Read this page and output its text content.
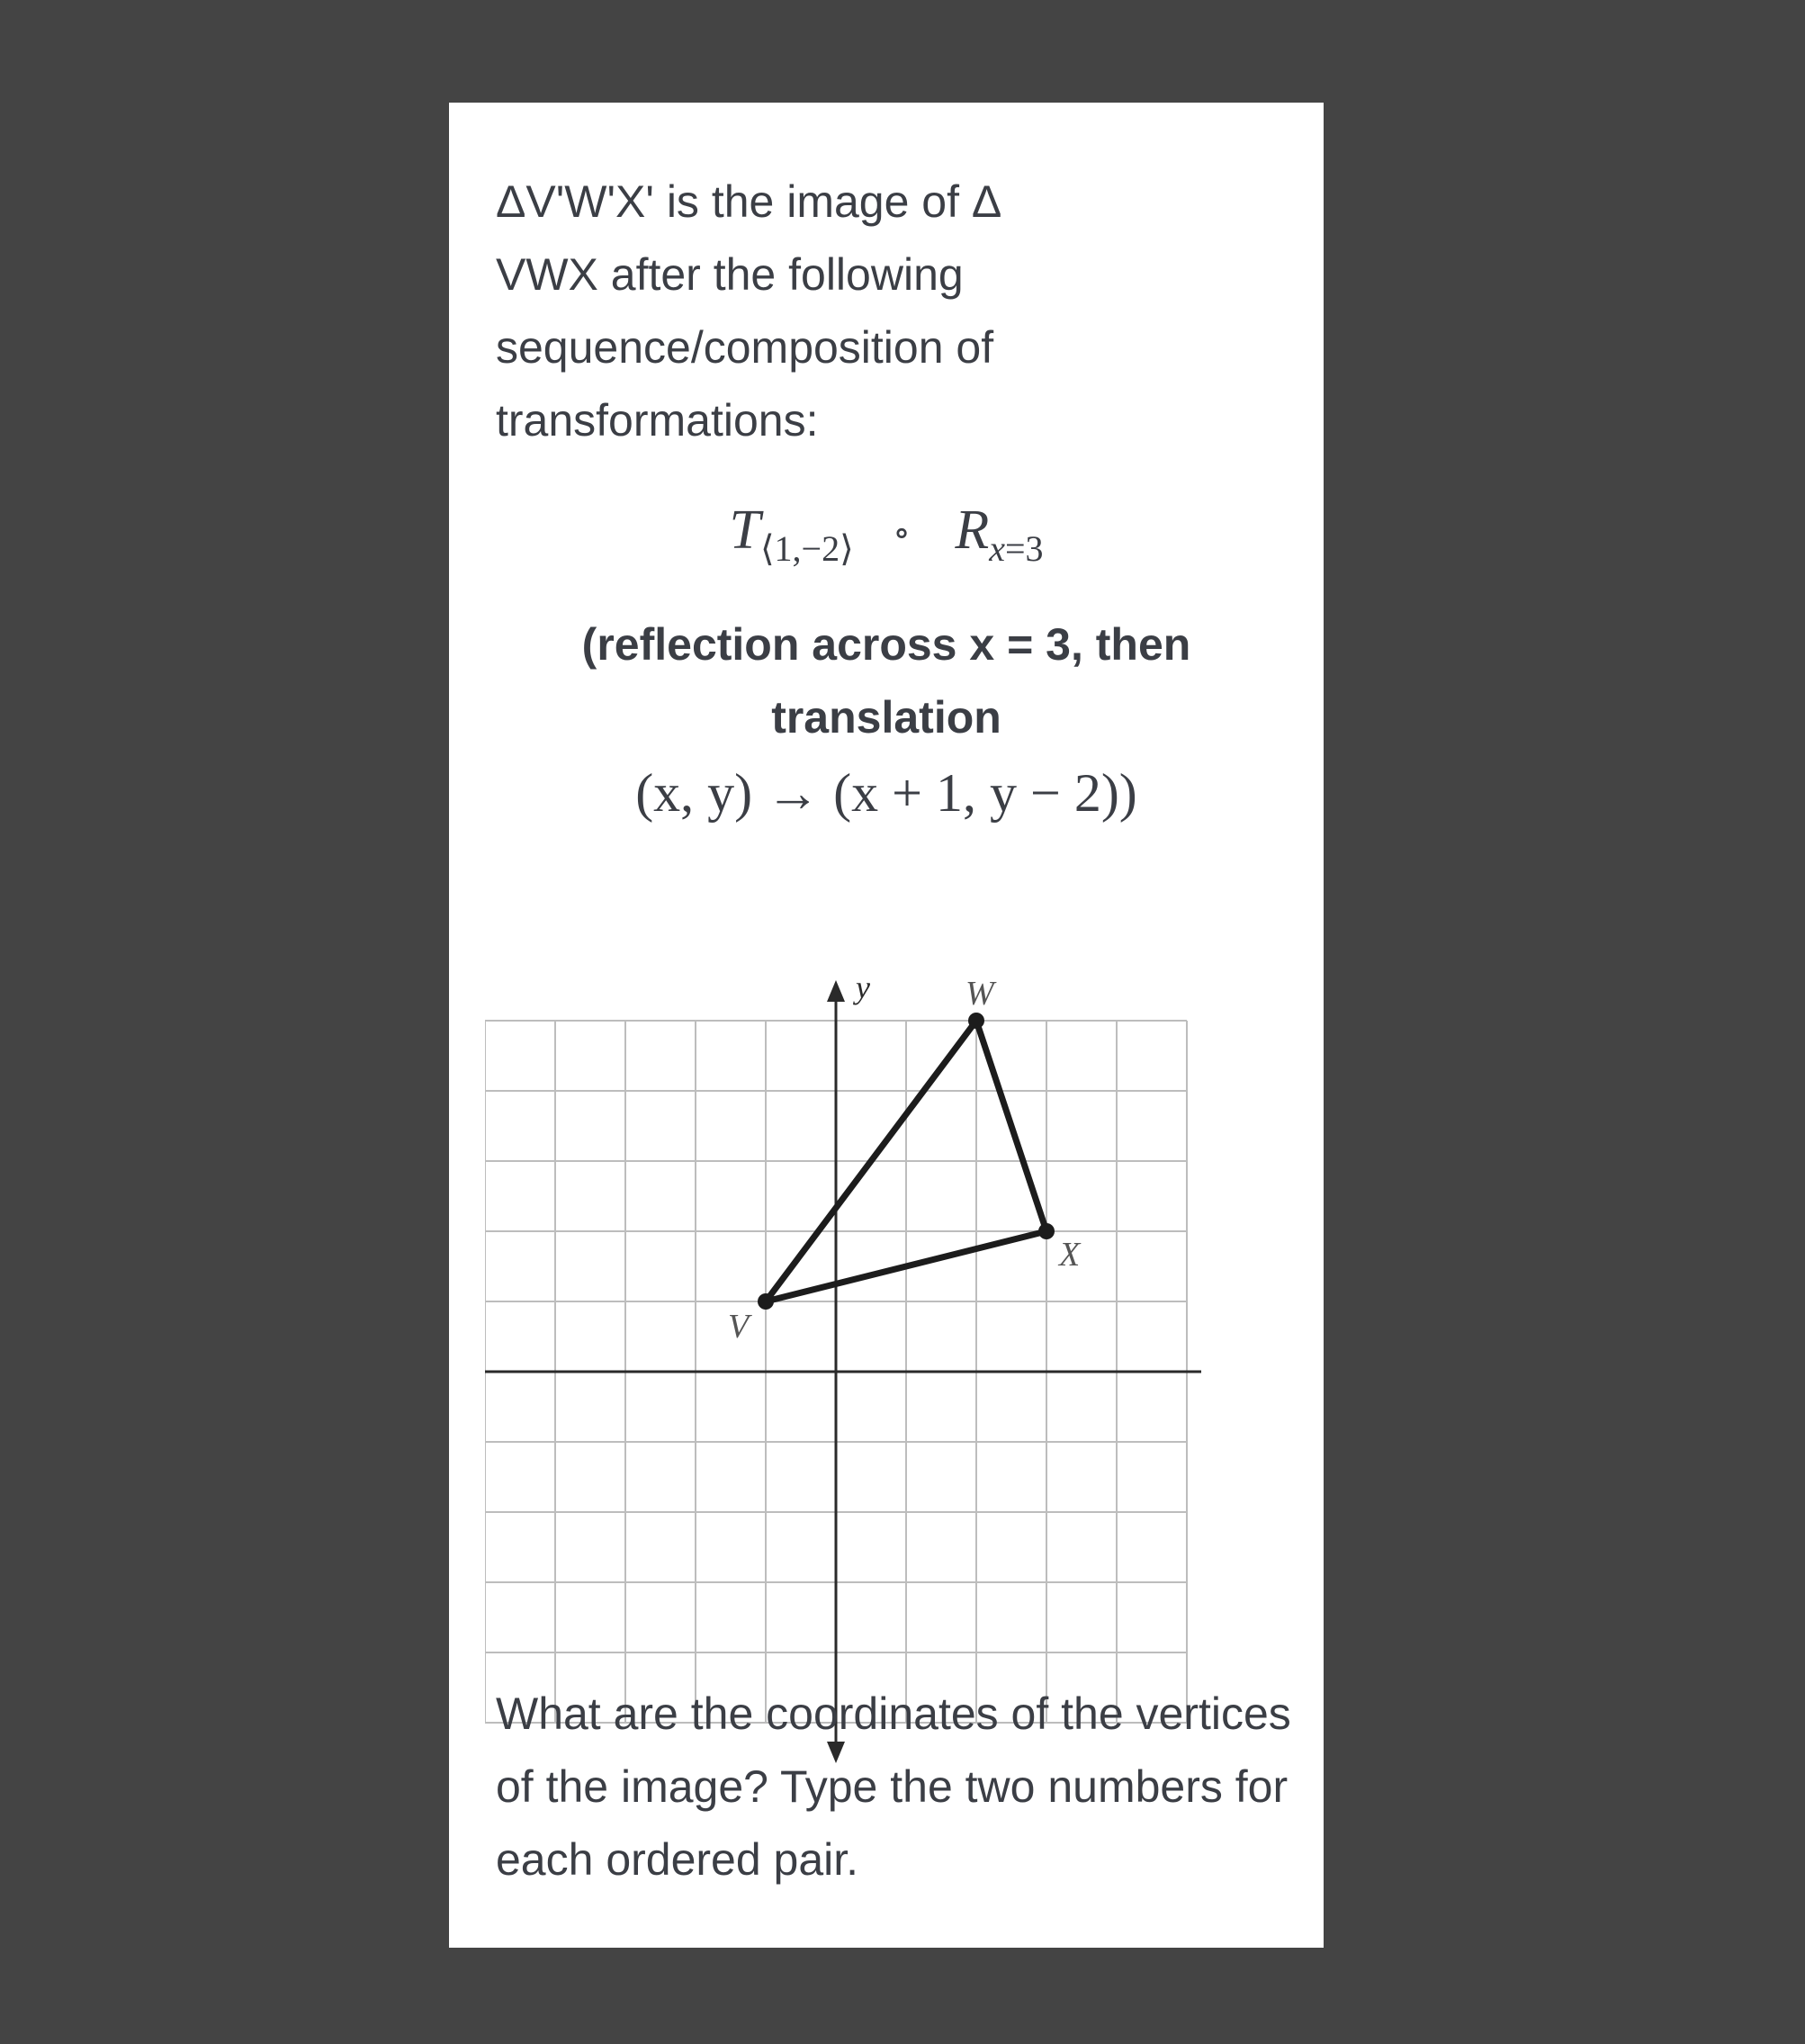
ΔV'W'X' is the image of Δ VWX after the following sequence/composition of transformations:
$T_{⟨1,-2⟩}$ ∘ $R_{x=3}$
(reflection across x = 3, then
translation
(x, y) → (x + 1, y − 2))
y
V
W
X
What are the coordinates of the vertices of the image? Type the two numbers for each ordered pair.
